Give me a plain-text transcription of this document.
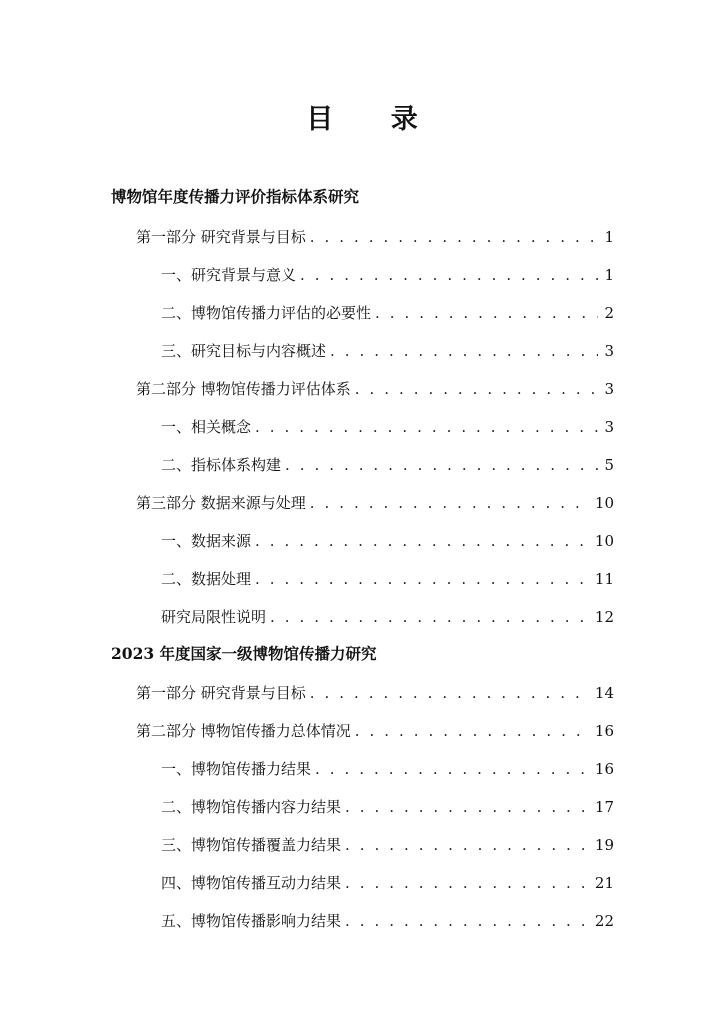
目 录
博物馆年度传播力评价指标体系研究
第一部分 研究背景与目标 . . .	1
一、研究背景与意义 . . .	1
二、博物馆传播力评估的必要性 . . .	2
三、研究目标与内容概述 . . .	3
第二部分 博物馆传播力评估体系 . . .	3
一、相关概念 . . .	3
二、指标体系构建 . . .	5
第三部分 数据来源与处理 . . .	10
一、数据来源 . . .	10
二、数据处理 . . .	11
研究局限性说明 . . .	12
2023 年度国家一级博物馆传播力研究
第一部分 研究背景与目标 . . .	14
第二部分 博物馆传播力总体情况 . . .	16
一、博物馆传播力结果 . . .	16
二、博物馆传播内容力结果 . . .	17
三、博物馆传播覆盖力结果 . . .	19
四、博物馆传播互动力结果 . . .	21
五、博物馆传播影响力结果 . . .	22
